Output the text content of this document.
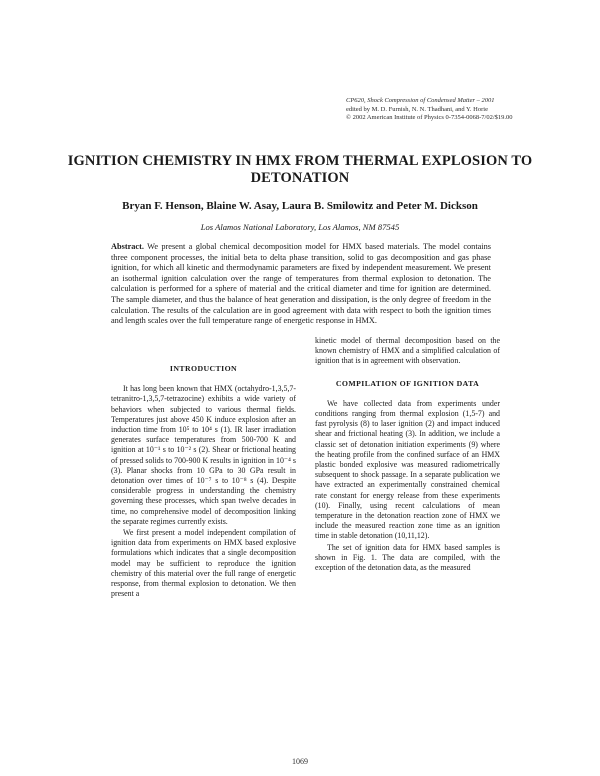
CP620, Shock Compression of Condensed Matter – 2001
edited by M. D. Furnish, N. N. Thadhani, and Y. Horie
© 2002 American Institute of Physics 0-7354-0068-7/02/$19.00
IGNITION CHEMISTRY IN HMX FROM THERMAL EXPLOSION TO DETONATION
Bryan F. Henson, Blaine W. Asay, Laura B. Smilowitz and Peter M. Dickson
Los Alamos National Laboratory, Los Alamos, NM 87545
Abstract. We present a global chemical decomposition model for HMX based materials. The model contains three component processes, the initial beta to delta phase transition, solid to gas decomposition and gas phase ignition, for which all kinetic and thermodynamic parameters are fixed by independent measurement. We present an isothermal ignition calculation over the range of temperatures from thermal explosion to detonation. The calculation is performed for a sphere of material and the critical diameter and time for ignition are determined. The sample diameter, and thus the balance of heat generation and dissipation, is the only degree of freedom in the calculation. The results of the calculation are in good agreement with data with respect to both the ignition times and length scales over the full temperature range of energetic response in HMX.
INTRODUCTION

It has long been known that HMX (octahydro-1,3,5,7-tetranitro-1,3,5,7-tetrazocine) exhibits a wide variety of behaviors when subjected to various thermal fields. Temperatures just above 450 K induce explosion after an induction time from 10⁵ to 10⁴ s (1). IR laser irradiation generates surface temperatures from 500-700 K and ignition at 10⁻¹ s to 10⁻² s (2). Shear or frictional heating of pressed solids to 700-900 K results in ignition in 10⁻⁴ s (3). Planar shocks from 10 GPa to 30 GPa result in detonation over times of 10⁻⁷ s to 10⁻⁸ s (4). Despite considerable progress in understanding the chemistry governing these processes, which span twelve decades in time, no comprehensive model of decomposition linking the separate regimes currently exists.

We first present a model independent compilation of ignition data from experiments on HMX based explosive formulations which indicates that a single decomposition model may be sufficient to reproduce the ignition chemistry of this material over the full range of energetic response, from thermal explosion to detonation. We then present a

kinetic model of thermal decomposition based on the known chemistry of HMX and a simplified calculation of ignition that is in agreement with observation.

COMPILATION OF IGNITION DATA

We have collected data from experiments under conditions ranging from thermal explosion (1,5-7) and fast pyrolysis (8) to laser ignition (2) and impact induced shear and frictional heating (3). In addition, we include a classic set of detonation initiation experiments (9) where the heating profile from the confined surface of an HMX plastic bonded explosive was measured radiometrically subsequent to shock passage. In a separate publication we have extracted an experimentally constrained chemical rate constant for energy release from these experiments (10). Finally, using recent calculations of mean temperature in the detonation reaction zone of HMX we include the measured reaction zone time as an ignition time in stable detonation (10,11,12).

The set of ignition data for HMX based samples is shown in Fig. 1. The data are compiled, with the exception of the detonation data, as the measured

1069
